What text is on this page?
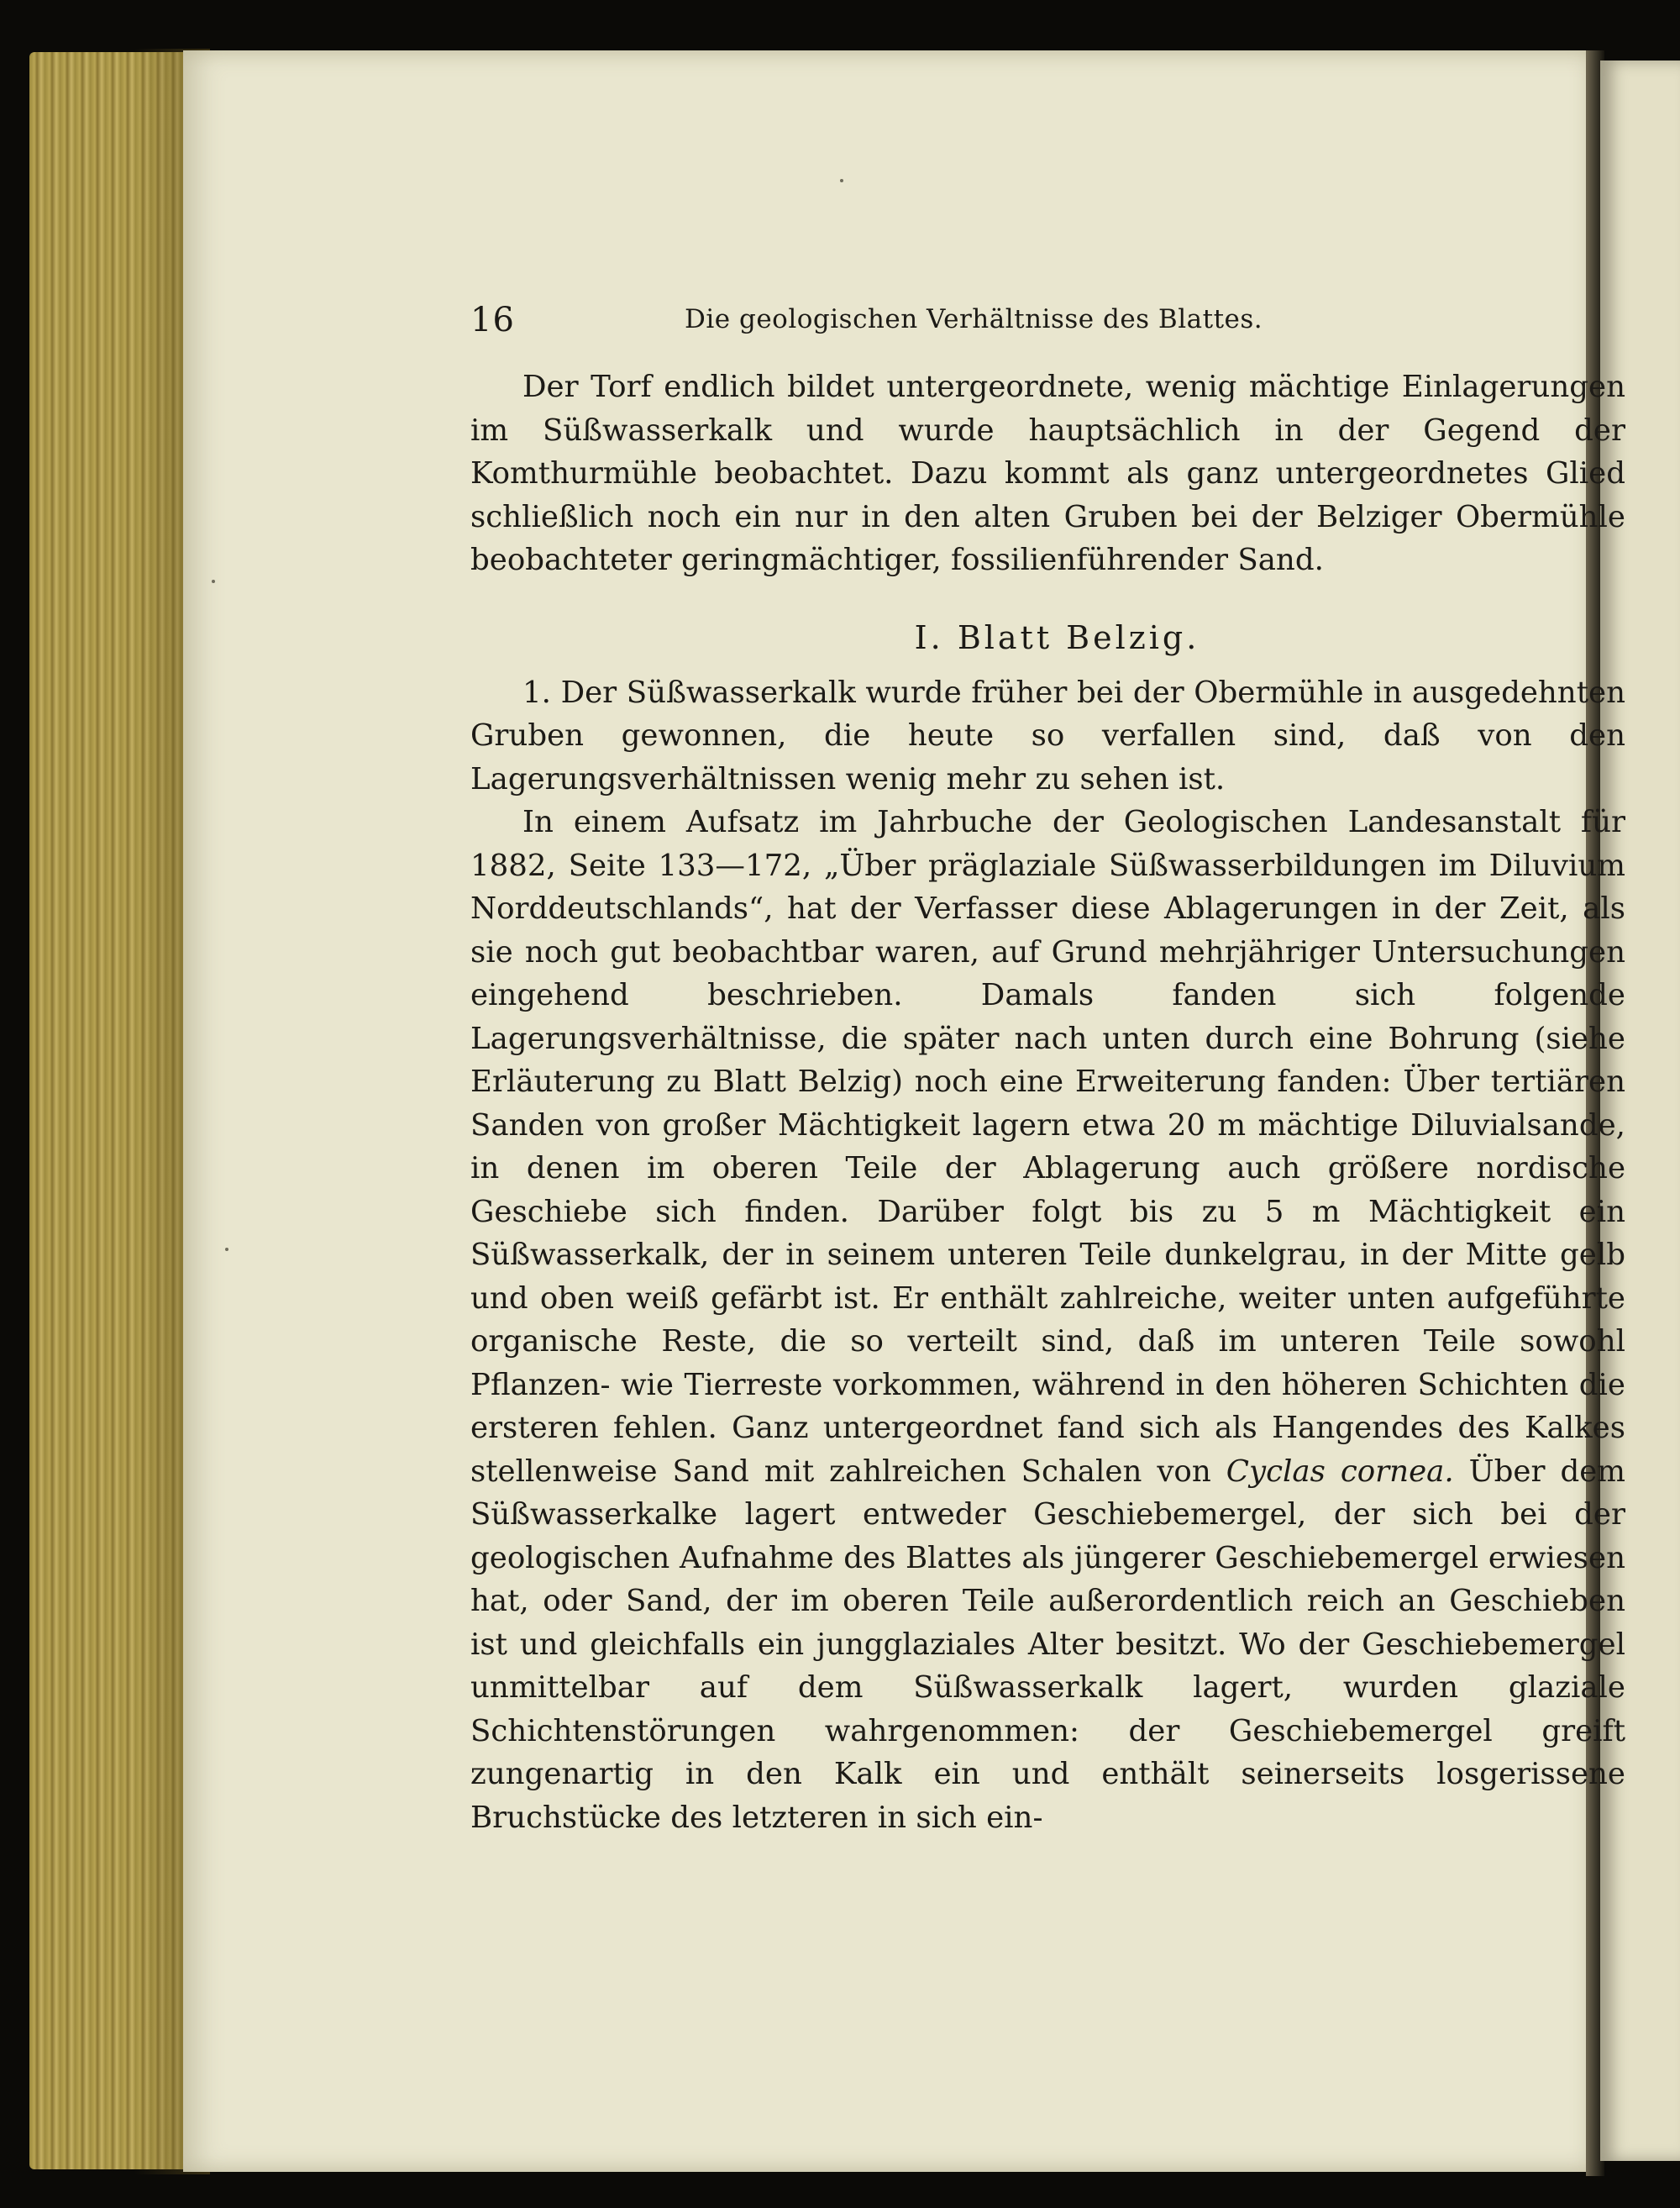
16	Die geologischen Verhältnisse des Blattes.

Der Torf endlich bildet untergeordnete, wenig mächtige Einlagerungen im Süßwasserkalk und wurde hauptsächlich in der Gegend der Komthurmühle beobachtet. Dazu kommt als ganz untergeordnetes Glied schließlich noch ein nur in den alten Gruben bei der Belziger Obermühle beobachteter geringmächtiger, fossilienführender Sand.

I. Blatt Belzig.

1. Der Süßwasserkalk wurde früher bei der Obermühle in ausgedehnten Gruben gewonnen, die heute so verfallen sind, daß von den Lagerungsverhältnissen wenig mehr zu sehen ist.

In einem Aufsatz im Jahrbuche der Geologischen Landesanstalt für 1882, Seite 133—172, „Über präglaziale Süßwasserbildungen im Diluvium Norddeutschlands“, hat der Verfasser diese Ablagerungen in der Zeit, als sie noch gut beobachtbar waren, auf Grund mehrjähriger Untersuchungen eingehend beschrieben. Damals fanden sich folgende Lagerungsverhältnisse, die später nach unten durch eine Bohrung (siehe Erläuterung zu Blatt Belzig) noch eine Erweiterung fanden: Über tertiären Sanden von großer Mächtigkeit lagern etwa 20 m mächtige Diluvialsande, in denen im oberen Teile der Ablagerung auch größere nordische Geschiebe sich finden. Darüber folgt bis zu 5 m Mächtigkeit ein Süßwasserkalk, der in seinem unteren Teile dunkelgrau, in der Mitte gelb und oben weiß gefärbt ist. Er enthält zahlreiche, weiter unten aufgeführte organische Reste, die so verteilt sind, daß im unteren Teile sowohl Pflanzen- wie Tierreste vorkommen, während in den höheren Schichten die ersteren fehlen. Ganz untergeordnet fand sich als Hangendes des Kalkes stellenweise Sand mit zahlreichen Schalen von Cyclas cornea. Über dem Süßwasserkalke lagert entweder Geschiebemergel, der sich bei der geologischen Aufnahme des Blattes als jüngerer Geschiebemergel erwiesen hat, oder Sand, der im oberen Teile außerordentlich reich an Geschieben ist und gleichfalls ein jungglaziales Alter besitzt. Wo der Geschiebemergel unmittelbar auf dem Süßwasserkalk lagert, wurden glaziale Schichtenstörungen wahrgenommen: der Geschiebemergel greift zungenartig in den Kalk ein und enthält seinerseits losgerissene Bruchstücke des letzteren in sich ein-
